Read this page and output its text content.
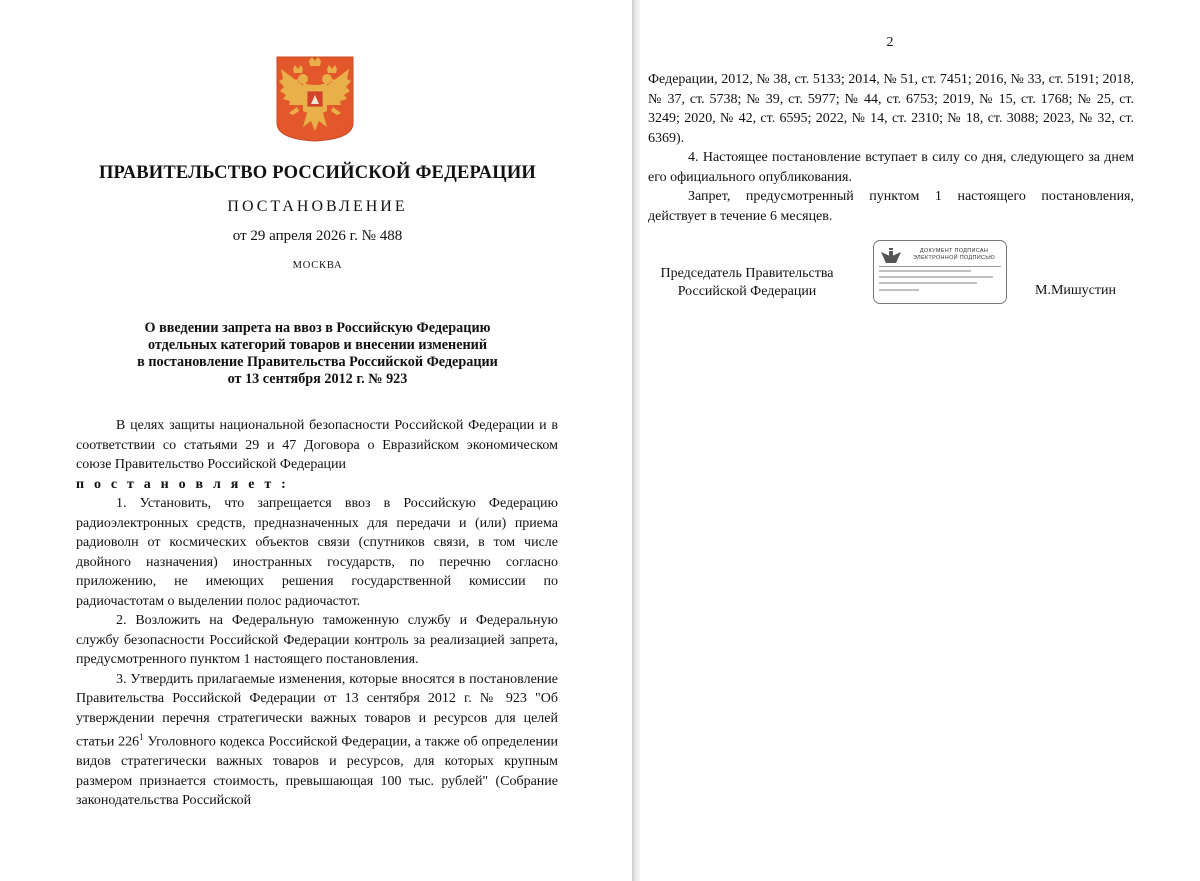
ПРАВИТЕЛЬСТВО РОССИЙСКОЙ ФЕДЕРАЦИИ
ПОСТАНОВЛЕНИЕ
от 29 апреля 2026 г. № 488
МОСКВА
О введении запрета на ввоз в Российскую Федерацию
отдельных категорий товаров и внесении изменений
в постановление Правительства Российской Федерации
от 13 сентября 2012 г. № 923

В целях защиты национальной безопасности Российской Федерации и в соответствии со статьями 29 и 47 Договора о Евразийском экономическом союзе Правительство Российской Федерации

п о с т а н о в л я е т :

1. Установить, что запрещается ввоз в Российскую Федерацию радиоэлектронных средств, предназначенных для передачи и (или) приема радиоволн от космических объектов связи (спутников связи, в том числе двойного назначения) иностранных государств, по перечню согласно приложению, не имеющих решения государственной комиссии по радиочастотам о выделении полос радиочастот.

2. Возложить на Федеральную таможенную службу и Федеральную службу безопасности Российской Федерации контроль за реализацией запрета, предусмотренного пунктом 1 настоящего постановления.

3. Утвердить прилагаемые изменения, которые вносятся в постановление Правительства Российской Федерации от 13 сентября 2012 г. № 923 "Об утверждении перечня стратегически важных товаров и ресурсов для целей статьи $226^1$ Уголовного кодекса Российской Федерации, а также об определении видов стратегически важных товаров и ресурсов, для которых крупным размером признается стоимость, превышающая 100 тыс. рублей" (Собрание законодательства Российской

2

Федерации, 2012, № 38, ст. 5133; 2014, № 51, ст. 7451; 2016, № 33, ст. 5191; 2018, № 37, ст. 5738; № 39, ст. 5977; № 44, ст. 6753; 2019, № 15, ст. 1768; № 25, ст. 3249; 2020, № 42, ст. 6595; 2022, № 14, ст. 2310; № 18, ст. 3088; 2023, № 32, ст. 6369).

4. Настоящее постановление вступает в силу со дня, следующего за днем его официального опубликования.

Запрет, предусмотренный пунктом 1 настоящего постановления, действует в течение 6 месяцев.

Председатель Правительства
Российской Федерации
ДОКУМЕНТ ПОДПИСАН
ЭЛЕКТРОННОЙ ПОДПИСЬЮ
М.Мишустин
